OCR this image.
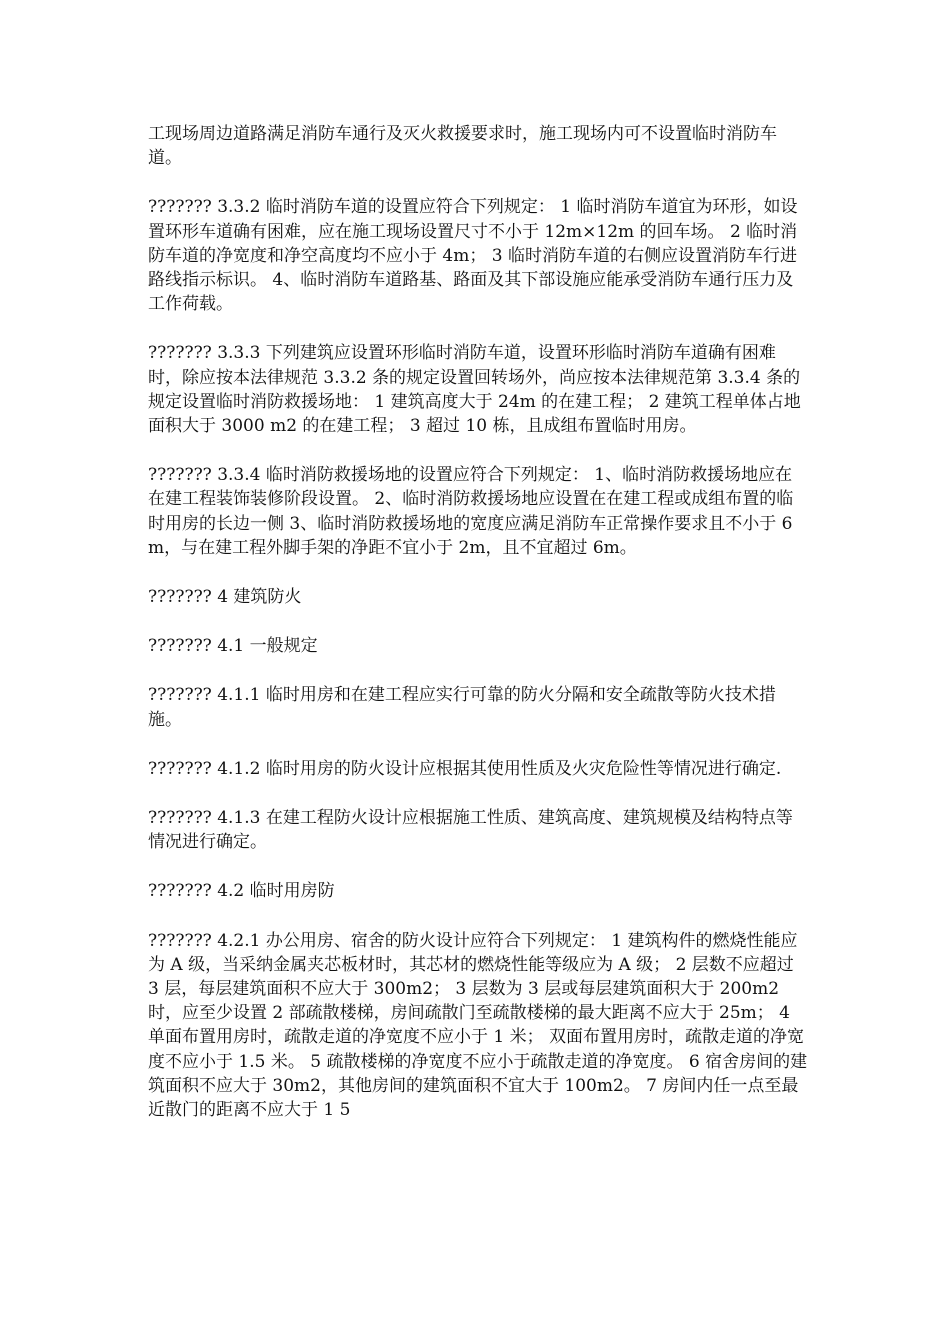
工现场周边道路满足消防车通行及灭火救援要求时，施工现场内可不设置临时消防车道。

??????? 3.3.2 临时消防车道的设置应符合下列规定： 1 临时消防车道宜为环形，如设置环形车道确有困难，应在施工现场设置尺寸不小于 12m×12m 的回车场。 2 临时消防车道的净宽度和净空高度均不应小于 4m； 3 临时消防车道的右侧应设置消防车行进路线指示标识。 4、临时消防车道路基、路面及其下部设施应能承受消防车通行压力及工作荷载。

??????? 3.3.3 下列建筑应设置环形临时消防车道，设置环形临时消防车道确有困难时，除应按本法律规范 3.3.2 条的规定设置回转场外，尚应按本法律规范第 3.3.4 条的规定设置临时消防救援场地： 1 建筑高度大于 24m 的在建工程； 2 建筑工程单体占地面积大于 3000 m2 的在建工程； 3 超过 10 栋，且成组布置临时用房。

??????? 3.3.4 临时消防救援场地的设置应符合下列规定： 1、临时消防救援场地应在在建工程装饰装修阶段设置。 2、临时消防救援场地应设置在在建工程或成组布置的临时用房的长边一侧 3、临时消防救援场地的宽度应满足消防车正常操作要求且不小于 6m，与在建工程外脚手架的净距不宜小于 2m，且不宜超过 6m。

??????? 4 建筑防火

??????? 4.1 一般规定

??????? 4.1.1 临时用房和在建工程应实行可靠的防火分隔和安全疏散等防火技术措施。

??????? 4.1.2 临时用房的防火设计应根据其使用性质及火灾危险性等情况进行确定.

??????? 4.1.3 在建工程防火设计应根据施工性质、建筑高度、建筑规模及结构特点等情况进行确定。

??????? 4.2 临时用房防

??????? 4.2.1 办公用房、宿舍的防火设计应符合下列规定： 1 建筑构件的燃烧性能应为 A 级，当采纳金属夹芯板材时，其芯材的燃烧性能等级应为 A 级； 2 层数不应超过 3 层，每层建筑面积不应大于 300m2； 3 层数为 3 层或每层建筑面积大于 200m2 时，应至少设置 2 部疏散楼梯，房间疏散门至疏散楼梯的最大距离不应大于 25m； 4 单面布置用房时，疏散走道的净宽度不应小于 1 米； 双面布置用房时，疏散走道的净宽度不应小于 1.5 米。 5 疏散楼梯的净宽度不应小于疏散走道的净宽度。 6 宿舍房间的建筑面积不应大于 30m2，其他房间的建筑面积不宜大于 100m2。 7 房间内任一点至最近散门的距离不应大于 1 5
